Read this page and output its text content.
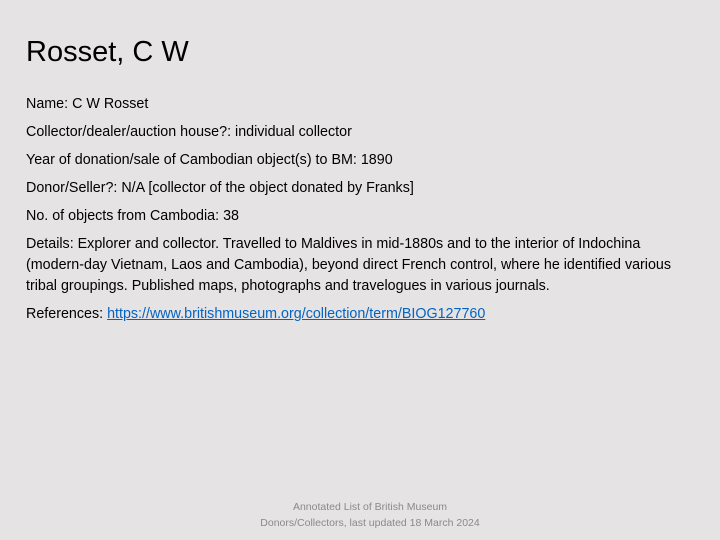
Rosset, C W

Name: C W Rosset

Collector/dealer/auction house?: individual collector

Year of donation/sale of Cambodian object(s) to BM: 1890

Donor/Seller?: N/A [collector of the object donated by Franks]

No. of objects from Cambodia: 38

Details: Explorer and collector. Travelled to Maldives in mid-1880s and to the interior of Indochina (modern-day Vietnam, Laos and Cambodia), beyond direct French control, where he identified various tribal groupings. Published maps, photographs and travelogues in various journals.

References: https://www.britishmuseum.org/collection/term/BIOG127760

Annotated List of British Museum
Donors/Collectors, last updated 18 March 2024
